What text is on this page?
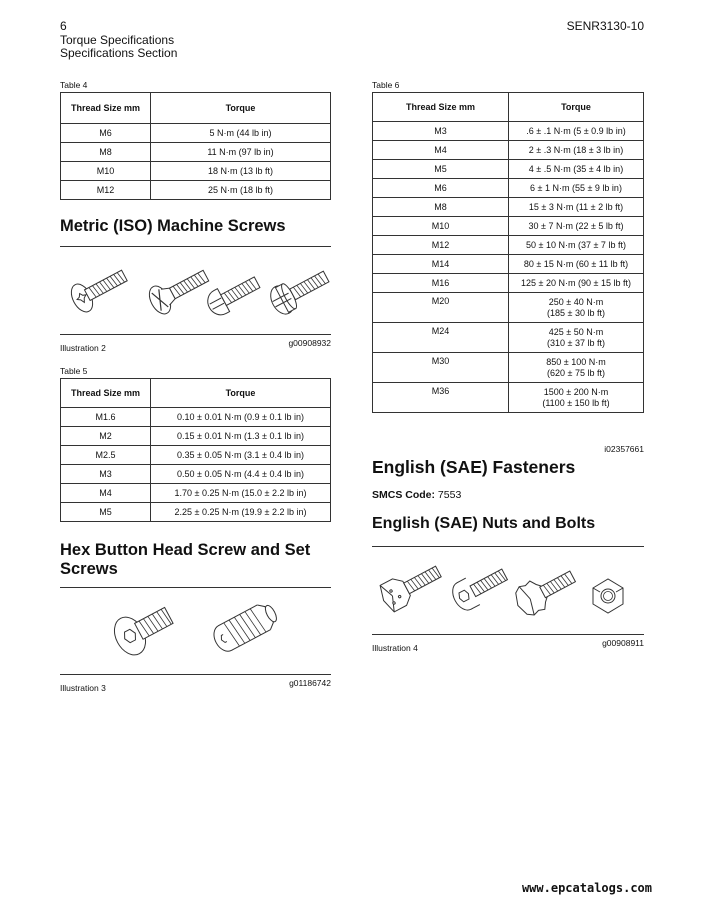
6	SENR3130-10
Torque Specifications
Specifications Section
Table 4
Thread Size mm	Torque
M6	5 N·m (44 lb in)
M8	11 N·m (97 lb in)
M10	18 N·m (13 lb ft)
M12	25 N·m (18 lb ft)
Metric (ISO) Machine Screws
Illustration 2	g00908932
Table 5
Thread Size mm	Torque
M1.6	0.10 ± 0.01 N·m (0.9 ± 0.1 lb in)
M2	0.15 ± 0.01 N·m (1.3 ± 0.1 lb in)
M2.5	0.35 ± 0.05 N·m (3.1 ± 0.4 lb in)
M3	0.50 ± 0.05 N·m (4.4 ± 0.4 lb in)
M4	1.70 ± 0.25 N·m (15.0 ± 2.2 lb in)
M5	2.25 ± 0.25 N·m (19.9 ± 2.2 lb in)
Hex Button Head Screw and Set
Screws
Illustration 3	g01186742
Table 6
Thread Size mm	Torque
M3	.6 ± .1 N·m (5 ± 0.9 lb in)
M4	2 ± .3 N·m (18 ± 3 lb in)
M5	4 ± .5 N·m (35 ± 4 lb in)
M6	6 ± 1 N·m (55 ± 9 lb in)
M8	15 ± 3 N·m (11 ± 2 lb ft)
M10	30 ± 7 N·m (22 ± 5 lb ft)
M12	50 ± 10 N·m (37 ± 7 lb ft)
M14	80 ± 15 N·m (60 ± 11 lb ft)
M16	125 ± 20 N·m (90 ± 15 lb ft)
M20	250 ± 40 N·m
(185 ± 30 lb ft)

M24	425 ± 50 N·m
(310 ± 37 lb ft)

M30	850 ± 100 N·m
(620 ± 75 lb ft)

M36	1500 ± 200 N·m
(1100 ± 150 lb ft)
i02357661
English (SAE) Fasteners
SMCS Code: 7553
English (SAE) Nuts and Bolts
Illustration 4	g00908911
www.epcatalogs.com
